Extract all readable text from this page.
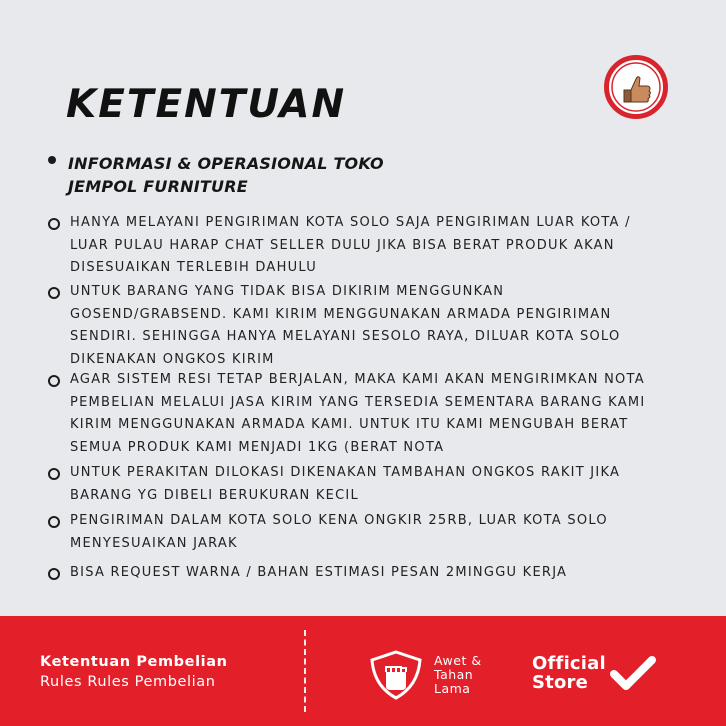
KETENTUAN
INFORMASI & OPERASIONAL TOKO
JEMPOL FURNITURE
HANYA MELAYANI PENGIRIMAN KOTA SOLO SAJA PENGIRIMAN LUAR KOTA / LUAR PULAU HARAP CHAT SELLER DULU JIKA BISA BERAT PRODUK AKAN DISESUAIKAN TERLEBIH DAHULU
UNTUK BARANG YANG TIDAK BISA DIKIRIM MENGGUNKAN GOSEND/GRABSEND. KAMI KIRIM MENGGUNAKAN ARMADA PENGIRIMAN SENDIRI. SEHINGGA HANYA MELAYANI SESOLO RAYA, DILUAR KOTA SOLO DIKENAKAN ONGKOS KIRIM
AGAR SISTEM RESI TETAP BERJALAN, MAKA KAMI AKAN MENGIRIMKAN NOTA PEMBELIAN MELALUI JASA KIRIM YANG TERSEDIA SEMENTARA BARANG KAMI KIRIM MENGGUNAKAN ARMADA KAMI. UNTUK ITU KAMI MENGUBAH BERAT SEMUA PRODUK KAMI MENJADI 1KG (BERAT NOTA
UNTUK PERAKITAN DILOKASI DIKENAKAN TAMBAHAN ONGKOS RAKIT JIKA BARANG YG DIBELI BERUKURAN KECIL
PENGIRIMAN DALAM KOTA SOLO KENA ONGKIR 25RB, LUAR KOTA SOLO MENYESUAIKAN JARAK
BISA REQUEST WARNA / BAHAN ESTIMASI PESAN 2MINGGU KERJA
Ketentuan Pembelian
Rules Rules Pembelian
Awet &
Tahan
Lama
Official
Store
